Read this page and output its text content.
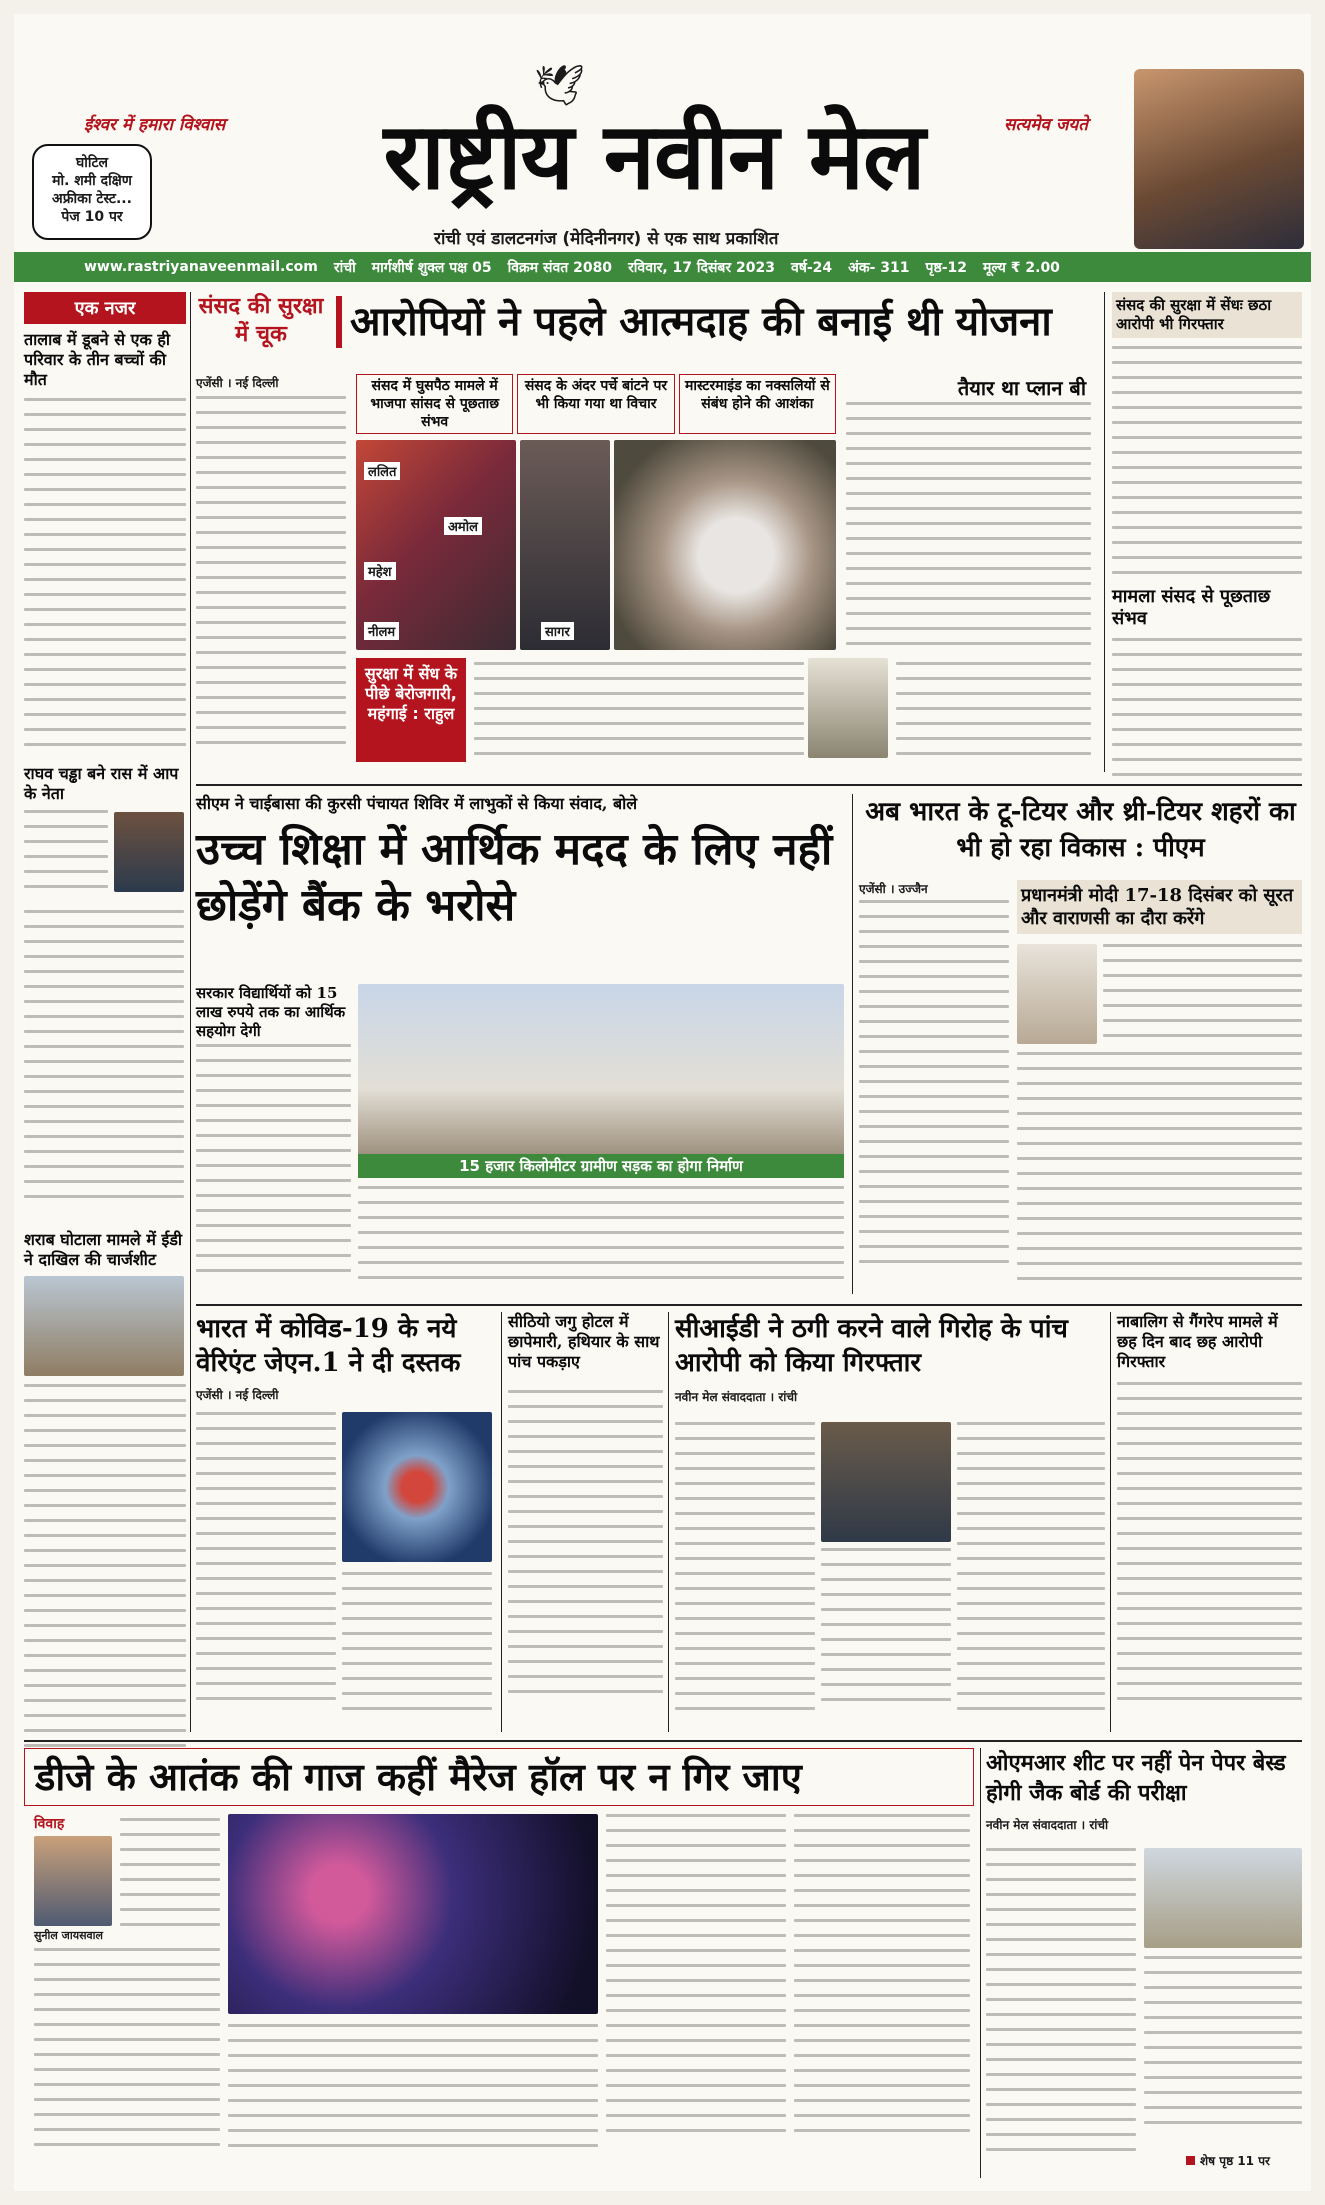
घोटिल
मो. शमी दक्षिण
अफ्रीका टेस्ट...
पेज 10 पर
ईश्वर में हमारा विश्वास	सत्यमेव जयते
🕊
राष्ट्रीय नवीन मेल
रांची एवं डालटनगंज (मेदिनीनगर) से एक साथ प्रकाशित
www.rastriyanaveenmail.com रांची मार्गशीर्ष शुक्ल पक्ष 05 विक्रम संवत 2080 रविवार, 17 दिसंबर 2023 वर्ष-24 अंक- 311 पृष्ठ-12 मूल्य ₹ 2.00
एक नजर
तालाब में डूबने से एक ही परिवार के तीन बच्चों की मौत
राघव चड्ढा बने रास में आप के नेता
शराब घोटाला मामले में ईडी ने दाखिल की चार्जशीट
संसद की सुरक्षा में चूक	आरोपियों ने पहले आत्मदाह की बनाई थी योजना
एजेंसी । नई दिल्ली	संसद में घुसपैठ मामले में भाजपा सांसद से पूछताछ संभव
संसद के अंदर पर्चे बांटने पर भी किया गया था विचार
मास्टरमाइंड का नक्सलियों से संबंध होने की आशंका
ललित
अमोल
महेश
नीलम	सागर
तैयार था प्लान बी
सुरक्षा में सेंध के पीछे बेरोजगारी, महंगाई : राहुल
संसद की सुरक्षा में सेंधः छठा आरोपी भी गिरफ्तार
मामला संसद से पूछताछ संभव
सीएम ने चाईबासा की कुरसी पंचायत शिविर में लाभुकों से किया संवाद, बोले
उच्च शिक्षा में आर्थिक मदद के लिए नहीं छोड़ेंगे बैंक के भरोसे
सरकार विद्यार्थियों को 15 लाख रुपये तक का आर्थिक सहयोग देगी
15 हजार किलोमीटर ग्रामीण सड़क का होगा निर्माण
अब भारत के टू-टियर और थ्री-टियर शहरों का भी हो रहा विकास : पीएम
एजेंसी । उज्जैन	प्रधानमंत्री मोदी 17-18 दिसंबर को सूरत और वाराणसी का दौरा करेंगे
भारत में कोविड-19 के नये वेरिएंट जेएन.1 ने दी दस्तक
एजेंसी । नई दिल्ली
सीठियो जगु होटल में छापेमारी, हथियार के साथ पांच पकड़ाए
सीआईडी ने ठगी करने वाले गिरोह के पांच आरोपी को किया गिरफ्तार
नवीन मेल संवाददाता । रांची
नाबालिग से गैंगरेप मामले में छह दिन बाद छह आरोपी गिरफ्तार
डीजे के आतंक की गाज कहीं मैरेज हॉल पर न गिर जाए
विवाह
सुनील जायसवाल
ओएमआर शीट पर नहीं पेन पेपर बेस्ड होगी जैक बोर्ड की परीक्षा
नवीन मेल संवाददाता । रांची
शेष पृष्ठ 11 पर
